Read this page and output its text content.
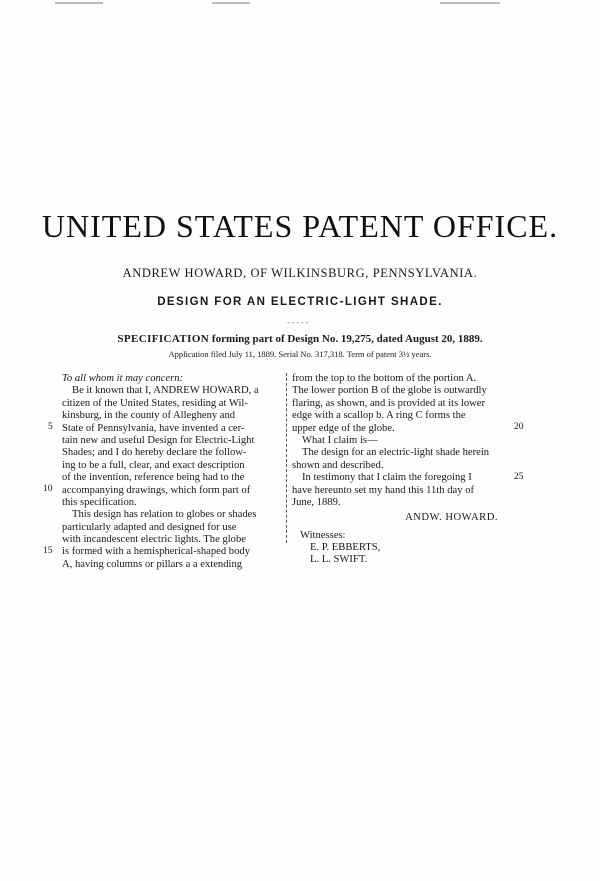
UNITED STATES PATENT OFFICE.
ANDREW HOWARD, OF WILKINSBURG, PENNSYLVANIA.
DESIGN FOR AN ELECTRIC-LIGHT SHADE.
- - - - -
SPECIFICATION forming part of Design No. 19,275, dated August 20, 1889.
Application filed July 11, 1889. Serial No. 317,318. Term of patent 3½ years.
To all whom it may concern:
Be it known that I, ANDREW HOWARD, a
citizen of the United States, residing at Wil-
kinsburg, in the county of Allegheny and
State of Pennsylvania, have invented a cer-
tain new and useful Design for Electric-Light
Shades; and I do hereby declare the follow-
ing to be a full, clear, and exact description
of the invention, reference being had to the
accompanying drawings, which form part of
this specification.
This design has relation to globes or shades
particularly adapted and designed for use
with incandescent electric lights. The globe
is formed with a hemispherical-shaped body
A, having columns or pillars a a extending
from the top to the bottom of the portion A.
The lower portion B of the globe is outwardly
flaring, as shown, and is provided at its lower
edge with a scallop b. A ring C forms the
upper edge of the globe.
What I claim is—
The design for an electric-light shade herein
shown and described.
In testimony that I claim the foregoing I
have hereunto set my hand this 11th day of
June, 1889.
ANDW. HOWARD.
Witnesses:
E. P. EBBERTS,
L. L. SWIFT.
5
10
15
20
25
